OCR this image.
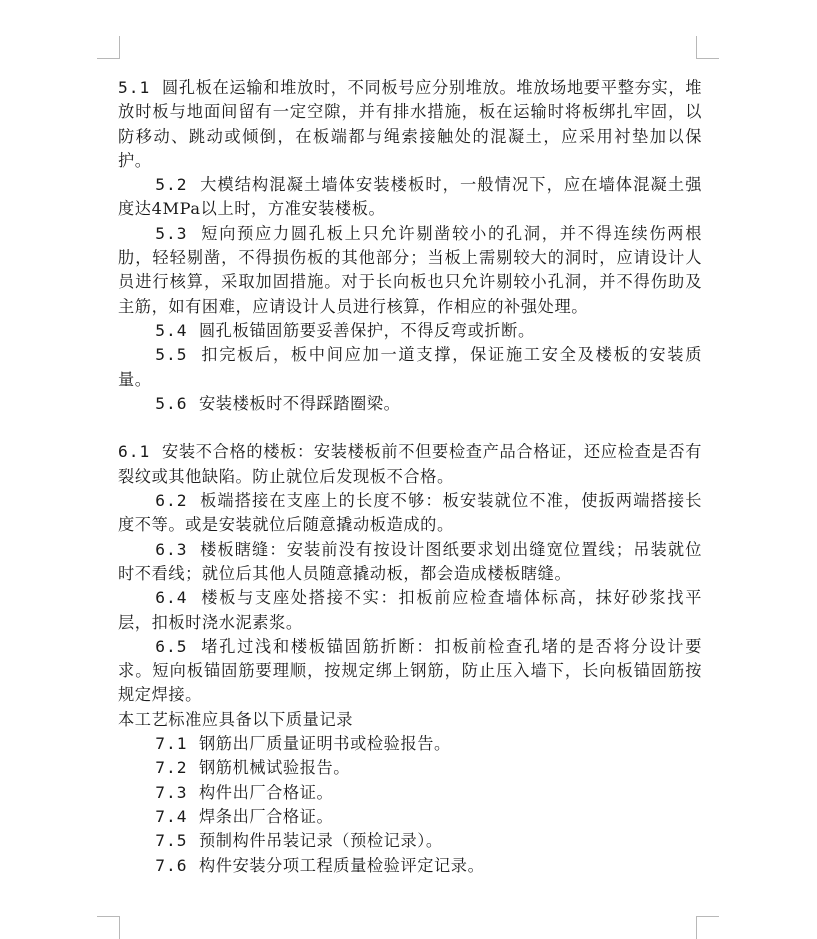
5.1 圆孔板在运输和堆放时，不同板号应分别堆放。堆放场地要平整夯实，堆放时板与地面间留有一定空隙，并有排水措施，板在运输时将板绑扎牢固，以防移动、跳动或倾倒，在板端都与绳索接触处的混凝土，应采用衬垫加以保护。

5.2 大模结构混凝土墙体安装楼板时，一般情况下，应在墙体混凝土强度达4MPa以上时，方准安装楼板。

5.3 短向预应力圆孔板上只允许剔凿较小的孔洞，并不得连续伤两根肋，轻轻剔凿，不得损伤板的其他部分；当板上需剔较大的洞时，应请设计人员进行核算，采取加固措施。对于长向板也只允许剔较小孔洞，并不得伤助及主筋，如有困难，应请设计人员进行核算，作相应的补强处理。

5.4 圆孔板锚固筋要妥善保护，不得反弯或折断。

5.5 扣完板后，板中间应加一道支撑，保证施工安全及楼板的安装质量。

5.6 安装楼板时不得踩踏圈梁。

6.1 安装不合格的楼板：安装楼板前不但要检查产品合格证，还应检查是否有裂纹或其他缺陷。防止就位后发现板不合格。

6.2 板端搭接在支座上的长度不够：板安装就位不准，使扳两端搭接长度不等。或是安装就位后随意撬动板造成的。

6.3 楼板瞎缝：安装前没有按设计图纸要求划出缝宽位置线；吊装就位时不看线；就位后其他人员随意撬动板，都会造成楼板瞎缝。

6.4 楼板与支座处搭接不实：扣板前应检查墙体标高，抹好砂浆找平层，扣板时浇水泥素浆。

6.5 堵孔过浅和楼板锚固筋折断：扣板前检查孔堵的是否将分设计要求。短向板锚固筋要理顺，按规定绑上钢筋，防止压入墙下，长向板锚固筋按规定焊接。

本工艺标准应具备以下质量记录

7.1 钢筋出厂质量证明书或检验报告。

7.2 钢筋机械试验报告。

7.3 构件出厂合格证。

7.4 焊条出厂合格证。

7.5 预制构件吊装记录（预检记录）。

7.6 构件安装分项工程质量检验评定记录。
